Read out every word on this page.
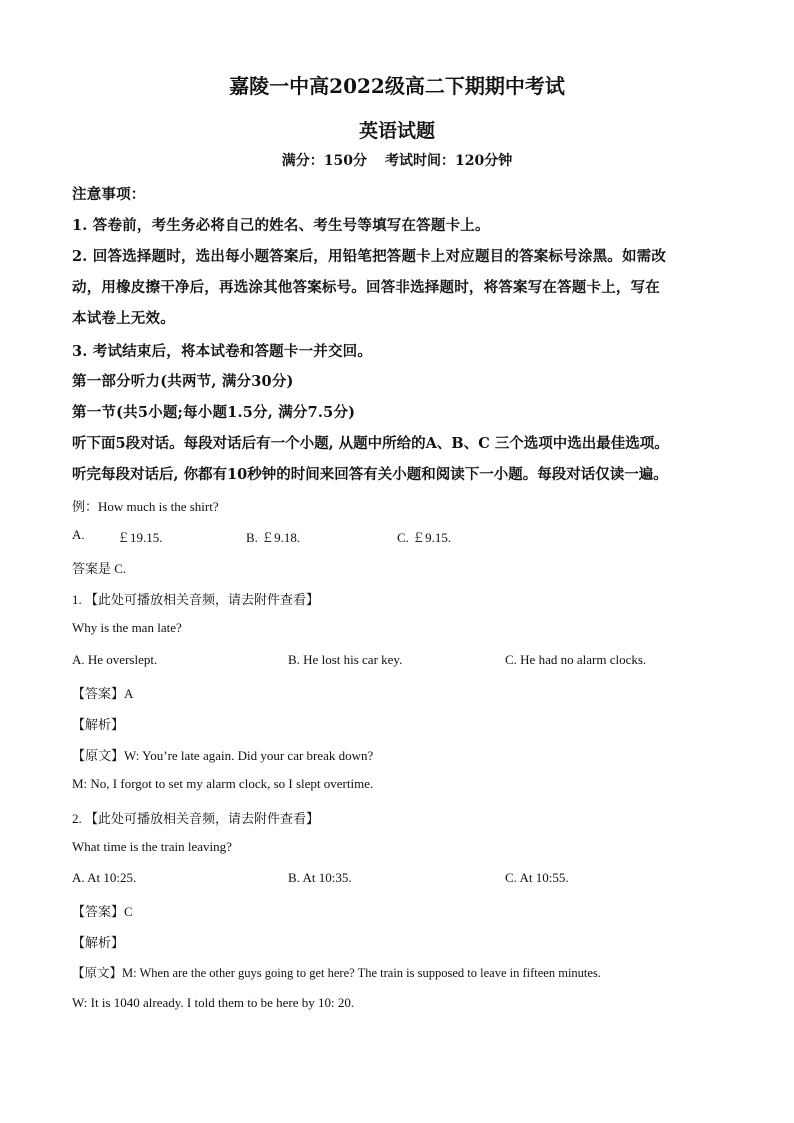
嘉陵一中高2022级高二下期期中考试
英语试题
满分：150分 考试时间：120分钟
注意事项：
1. 答卷前，考生务必将自己的姓名、考生号等填写在答题卡上。
2. 回答选择题时，选出每小题答案后，用铅笔把答题卡上对应题目的答案标号涂黑。如需改
动，用橡皮擦干净后，再选涂其他答案标号。回答非选择题时，将答案写在答题卡上，写在
本试卷上无效。
3. 考试结束后，将本试卷和答题卡一并交回。
第一部分听力(共两节, 满分30分)
第一节(共5小题;每小题1.5分, 满分7.5分)
听下面5段对话。每段对话后有一个小题, 从题中所给的A、B、C 三个选项中选出最佳选项。
听完每段对话后, 你都有10秒钟的时间来回答有关小题和阅读下一小题。每段对话仅读一遍。
例：How much is the shirt?
A. ￡19.15.	B. ￡9.18.	C. ￡9.15.
答案是 C.
1. 【此处可播放相关音频，请去附件查看】
Why is the man late?
A. He overslept.	B. He lost his car key.	C. He had no alarm clocks.
【答案】A
【解析】
【原文】W: You’re late again. Did your car break down?
M: No, I forgot to set my alarm clock, so I slept overtime.
2. 【此处可播放相关音频，请去附件查看】
What time is the train leaving?
A. At 10:25.	B. At 10:35.	C. At 10:55.
【答案】C
【解析】
【原文】M: When are the other guys going to get here? The train is supposed to leave in fifteen minutes.
W: It is 1040 already. I told them to be here by 10: 20.
